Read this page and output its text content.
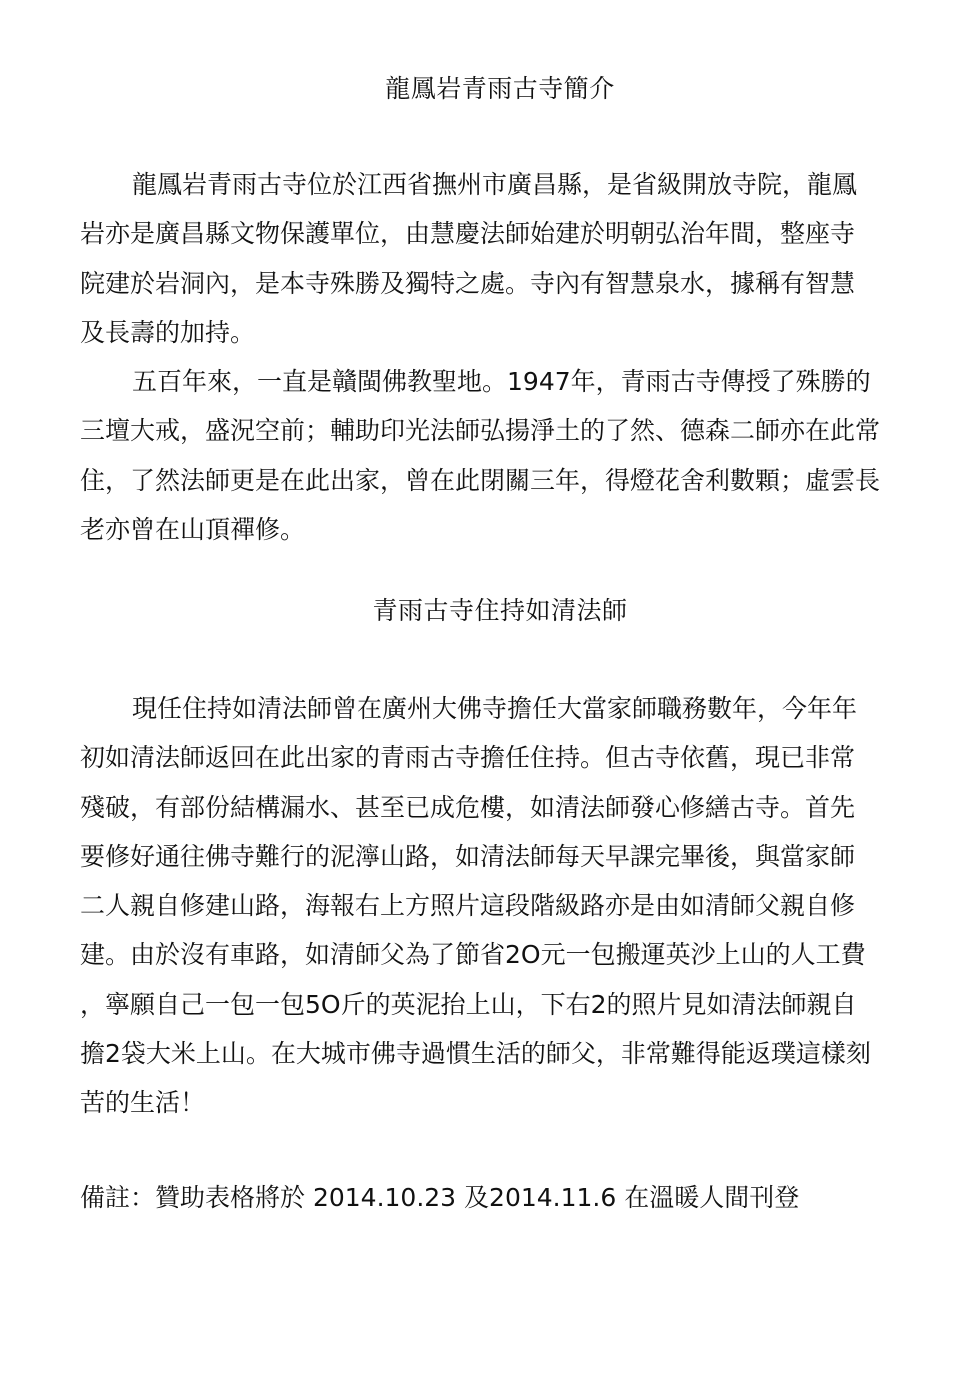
龍鳳岩青雨古寺簡介

龍鳳岩青雨古寺位於江西省撫州市廣昌縣，是省級開放寺院，龍鳳
岩亦是廣昌縣文物保護單位，由慧慶法師始建於明朝弘治年間，整座寺
院建於岩洞內，是本寺殊勝及獨特之處。寺內有智慧泉水，據稱有智慧
及長壽的加持。

五百年來，一直是贛閩佛教聖地。1947年，青雨古寺傳授了殊勝的
三壇大戒，盛況空前；輔助印光法師弘揚淨土的了然、德森二師亦在此常
住，了然法師更是在此出家，曾在此閉關三年，得燈花舍利數顆；虛雲長
老亦曾在山頂禪修。

青雨古寺住持如清法師

現任住持如清法師曾在廣州大佛寺擔任大當家師職務數年，今年年
初如清法師返回在此出家的青雨古寺擔任住持。但古寺依舊，現已非常
殘破，有部份結構漏水、甚至已成危樓，如清法師發心修繕古寺。首先
要修好通往佛寺難行的泥濘山路，如清法師每天早課完畢後，與當家師
二人親自修建山路，海報右上方照片這段階級路亦是由如清師父親自修
建。由於沒有車路，如清師父為了節省2O元一包搬運英沙上山的人工費
，寧願自己一包一包5O斤的英泥抬上山，下右2的照片見如清法師親自
擔2袋大米上山。在大城市佛寺過慣生活的師父，非常難得能返璞這樣刻
苦的生活！

備註：贊助表格將於 2014.10.23 及2014.11.6 在溫暖人間刊登
